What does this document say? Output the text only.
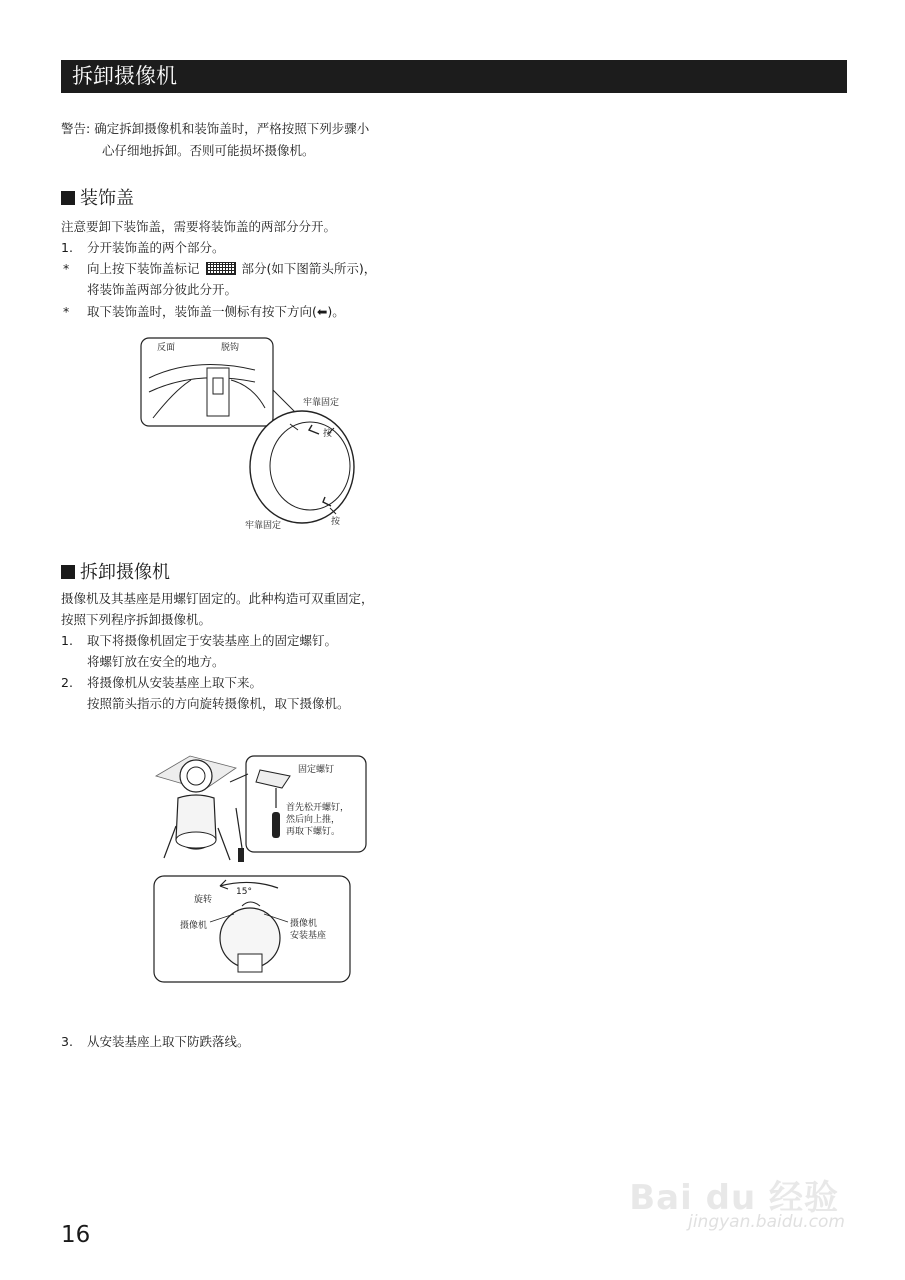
拆卸摄像机
警告: 确定拆卸摄像机和装饰盖时，严格按照下列步骤小
心仔细地拆卸。否则可能损坏摄像机。
装饰盖
注意要卸下装饰盖，需要将装饰盖的两部分分开。
1. 分开装饰盖的两个部分。
* 向上按下装饰盖标记	部分(如下图箭头所示)，
将装饰盖两部分彼此分开。
* 取下装饰盖时，装饰盖一侧标有按下方向(⬅)。
反面	脱钩
牢靠固定
按
牢靠固定	按
拆卸摄像机
摄像机及其基座是用螺钉固定的。此种构造可双重固定，
按照下列程序拆卸摄像机。
1. 取下将摄像机固定于安装基座上的固定螺钉。
将螺钉放在安全的地方。
2. 将摄像机从安装基座上取下来。
按照箭头指示的方向旋转摄像机，取下摄像机。
固定螺钉
首先松开螺钉，
然后向上推，
再取下螺钉。
旋转
15°
摄像机	摄像机
安装基座
3. 从安装基座上取下防跌落线。
16
Bai du 经验
jingyan.baidu.com
